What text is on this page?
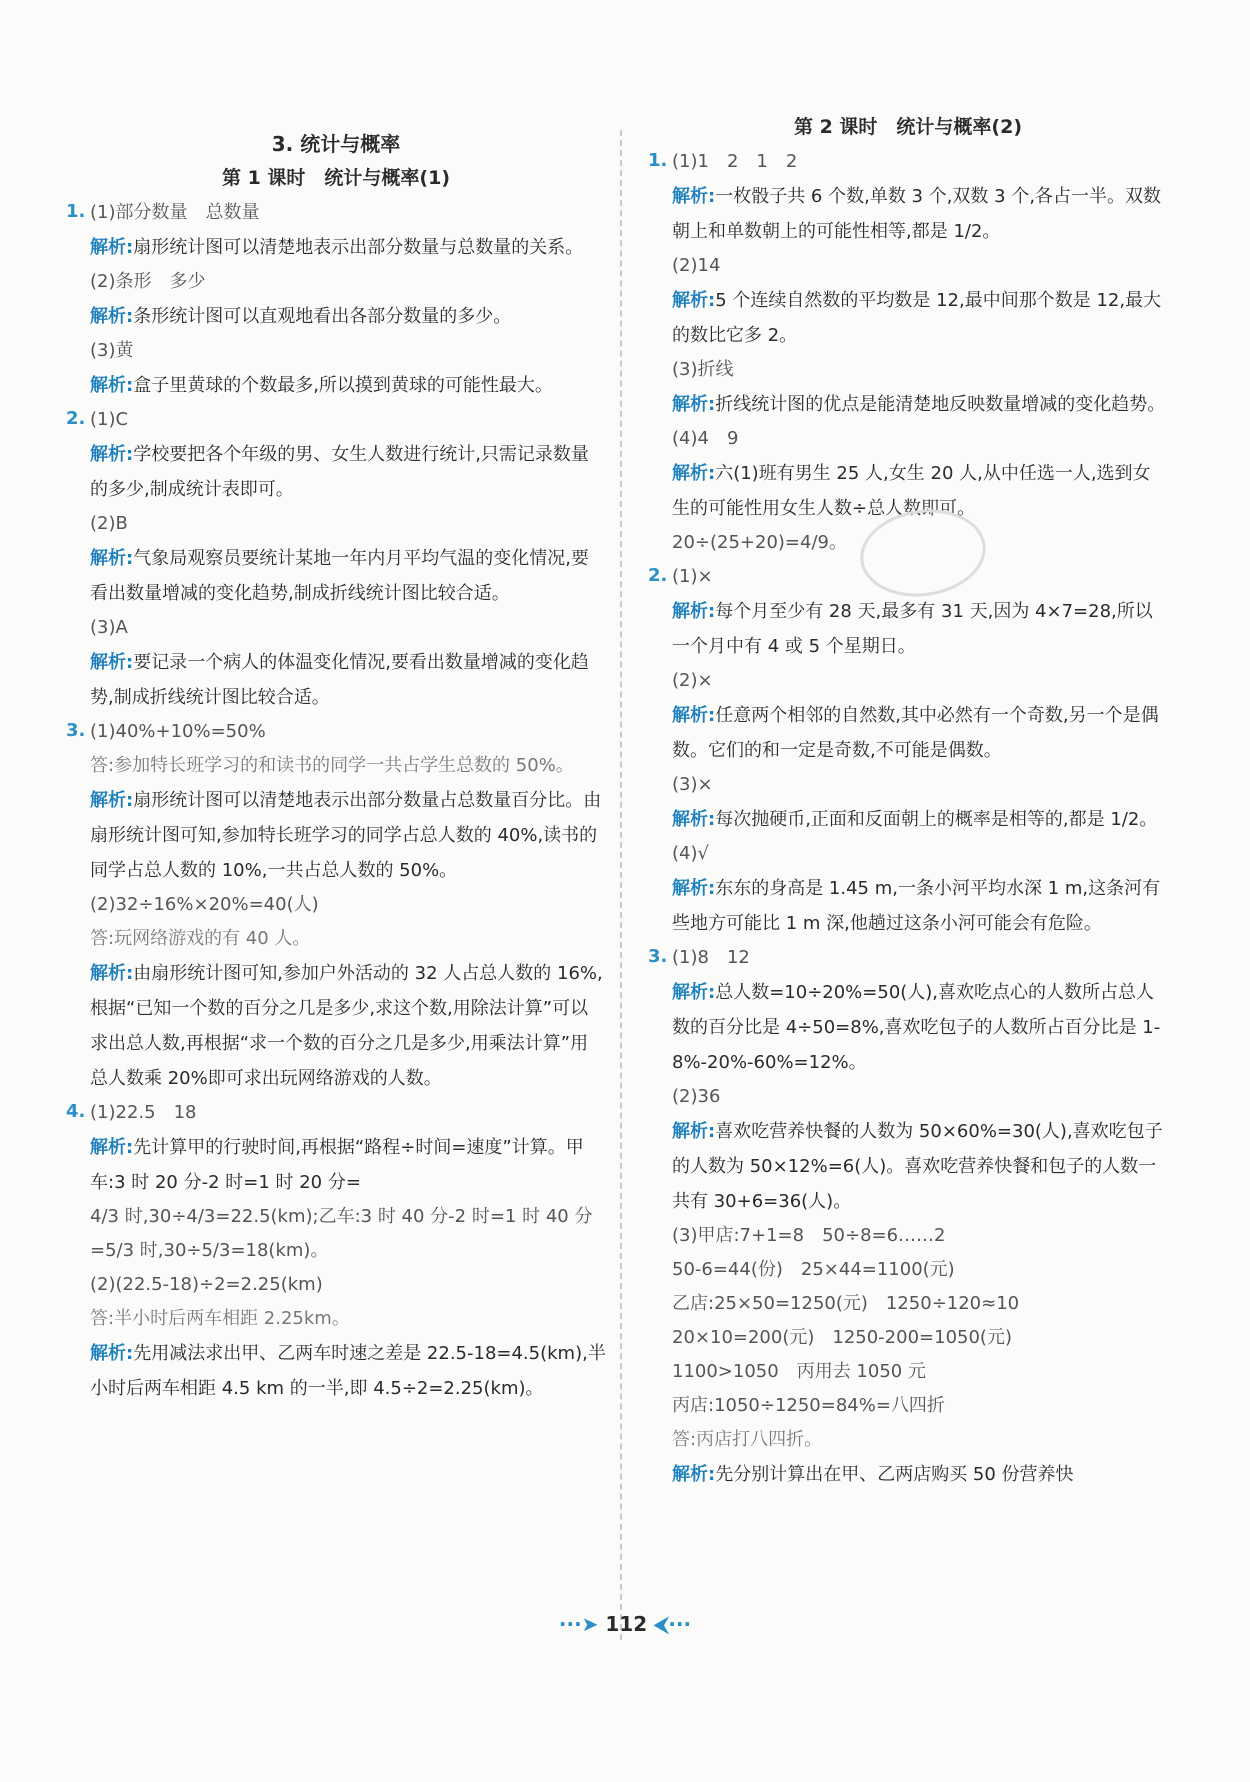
3. 统计与概率
第 1 课时　统计与概率(1)
1. (1)部分数量　总数量
解析:扇形统计图可以清楚地表示出部分数量与总数量的关系。
(2)条形　多少
解析:条形统计图可以直观地看出各部分数量的多少。
(3)黄
解析:盒子里黄球的个数最多,所以摸到黄球的可能性最大。
2. (1)C
解析:学校要把各个年级的男、女生人数进行统计,只需记录数量的多少,制成统计表即可。
(2)B
解析:气象局观察员要统计某地一年内月平均气温的变化情况,要看出数量增减的变化趋势,制成折线统计图比较合适。
(3)A
解析:要记录一个病人的体温变化情况,要看出数量增减的变化趋势,制成折线统计图比较合适。
3. (1)40%+10%=50%
答:参加特长班学习的和读书的同学一共占学生总数的 50%。
解析:扇形统计图可以清楚地表示出部分数量占总数量百分比。由扇形统计图可知,参加特长班学习的同学占总人数的 40%,读书的同学占总人数的 10%,一共占总人数的 50%。
(2)32÷16%×20%=40(人)
答:玩网络游戏的有 40 人。
解析:由扇形统计图可知,参加户外活动的 32 人占总人数的 16%,根据“已知一个数的百分之几是多少,求这个数,用除法计算”可以求出总人数,再根据“求一个数的百分之几是多少,用乘法计算”用总人数乘 20%即可求出玩网络游戏的人数。
4. (1)22.5　18
解析:先计算甲的行驶时间,再根据“路程÷时间=速度”计算。甲车:3 时 20 分-2 时=1 时 20 分=
4/3 时,30÷4/3=22.5(km);乙车:3 时 40 分-2 时=1 时 40 分=5/3 时,30÷5/3=18(km)。
(2)(22.5-18)÷2=2.25(km)
答:半小时后两车相距 2.25km。
解析:先用减法求出甲、乙两车时速之差是 22.5-18=4.5(km),半小时后两车相距 4.5 km 的一半,即 4.5÷2=2.25(km)。
第 2 课时　统计与概率(2)
1. (1)1　2　1　2
解析:一枚骰子共 6 个数,单数 3 个,双数 3 个,各占一半。双数朝上和单数朝上的可能性相等,都是 1/2。
(2)14
解析:5 个连续自然数的平均数是 12,最中间那个数是 12,最大的数比它多 2。
(3)折线
解析:折线统计图的优点是能清楚地反映数量增减的变化趋势。
(4)4　9
解析:六(1)班有男生 25 人,女生 20 人,从中任选一人,选到女生的可能性用女生人数÷总人数即可。
20÷(25+20)=4/9。
2. (1)×
解析:每个月至少有 28 天,最多有 31 天,因为 4×7=28,所以一个月中有 4 或 5 个星期日。
(2)×
解析:任意两个相邻的自然数,其中必然有一个奇数,另一个是偶数。它们的和一定是奇数,不可能是偶数。
(3)×
解析:每次抛硬币,正面和反面朝上的概率是相等的,都是 1/2。
(4)√
解析:东东的身高是 1.45 m,一条小河平均水深 1 m,这条河有些地方可能比 1 m 深,他趟过这条小河可能会有危险。
3. (1)8　12
解析:总人数=10÷20%=50(人),喜欢吃点心的人数所占总人数的百分比是 4÷50=8%,喜欢吃包子的人数所占百分比是 1-8%-20%-60%=12%。
(2)36
解析:喜欢吃营养快餐的人数为 50×60%=30(人),喜欢吃包子的人数为 50×12%=6(人)。喜欢吃营养快餐和包子的人数一共有 30+6=36(人)。
(3)甲店:7+1=8　50÷8=6……2
50-6=44(份)　25×44=1100(元)
乙店:25×50=1250(元)　1250÷120≈10
20×10=200(元)　1250-200=1050(元)
1100>1050　丙用去 1050 元
丙店:1050÷1250=84%=八四折
答:丙店打八四折。
解析:先分别计算出在甲、乙两店购买 50 份营养快
···➤ 112 ⮜···
